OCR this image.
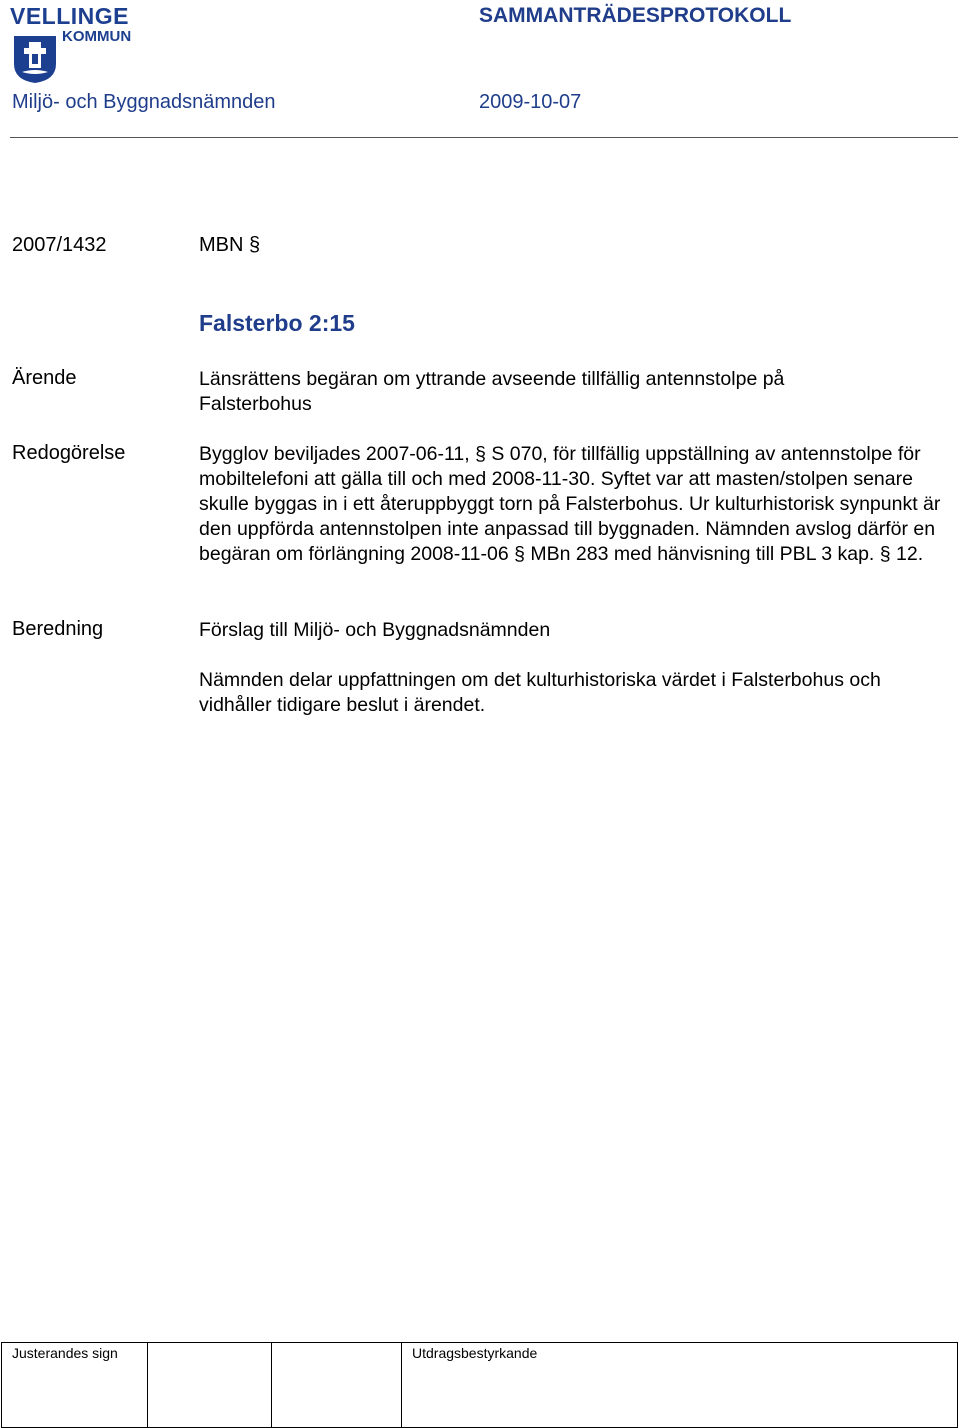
VELLINGE
KOMMUN
SAMMANTRÄDESPROTOKOLL
Miljö- och Byggnadsnämnden	2009-10-07
2007/1432	MBN §
Falsterbo 2:15
Ärende	Länsrättens begäran om yttrande avseende tillfällig antennstolpe på Falsterbohus
Redogörelse	Bygglov beviljades 2007-06-11, § S 070, för tillfällig uppställning av antennstolpe för mobiltelefoni att gälla till och med 2008-11-30. Syftet var att masten/stolpen senare skulle byggas in i ett återuppbyggt torn på Falsterbohus. Ur kulturhistorisk synpunkt är den uppförda antennstolpen inte anpassad till byggnaden. Nämnden avslog därför en begäran om förlängning 2008-11-06 § MBn 283 med hänvisning till PBL 3 kap. § 12.
Beredning	Förslag till Miljö- och Byggnadsnämnden
Nämnden delar uppfattningen om det kulturhistoriska värdet i Falsterbohus och vidhåller tidigare beslut i ärendet.
Justerandes sign			Utdragsbestyrkande
